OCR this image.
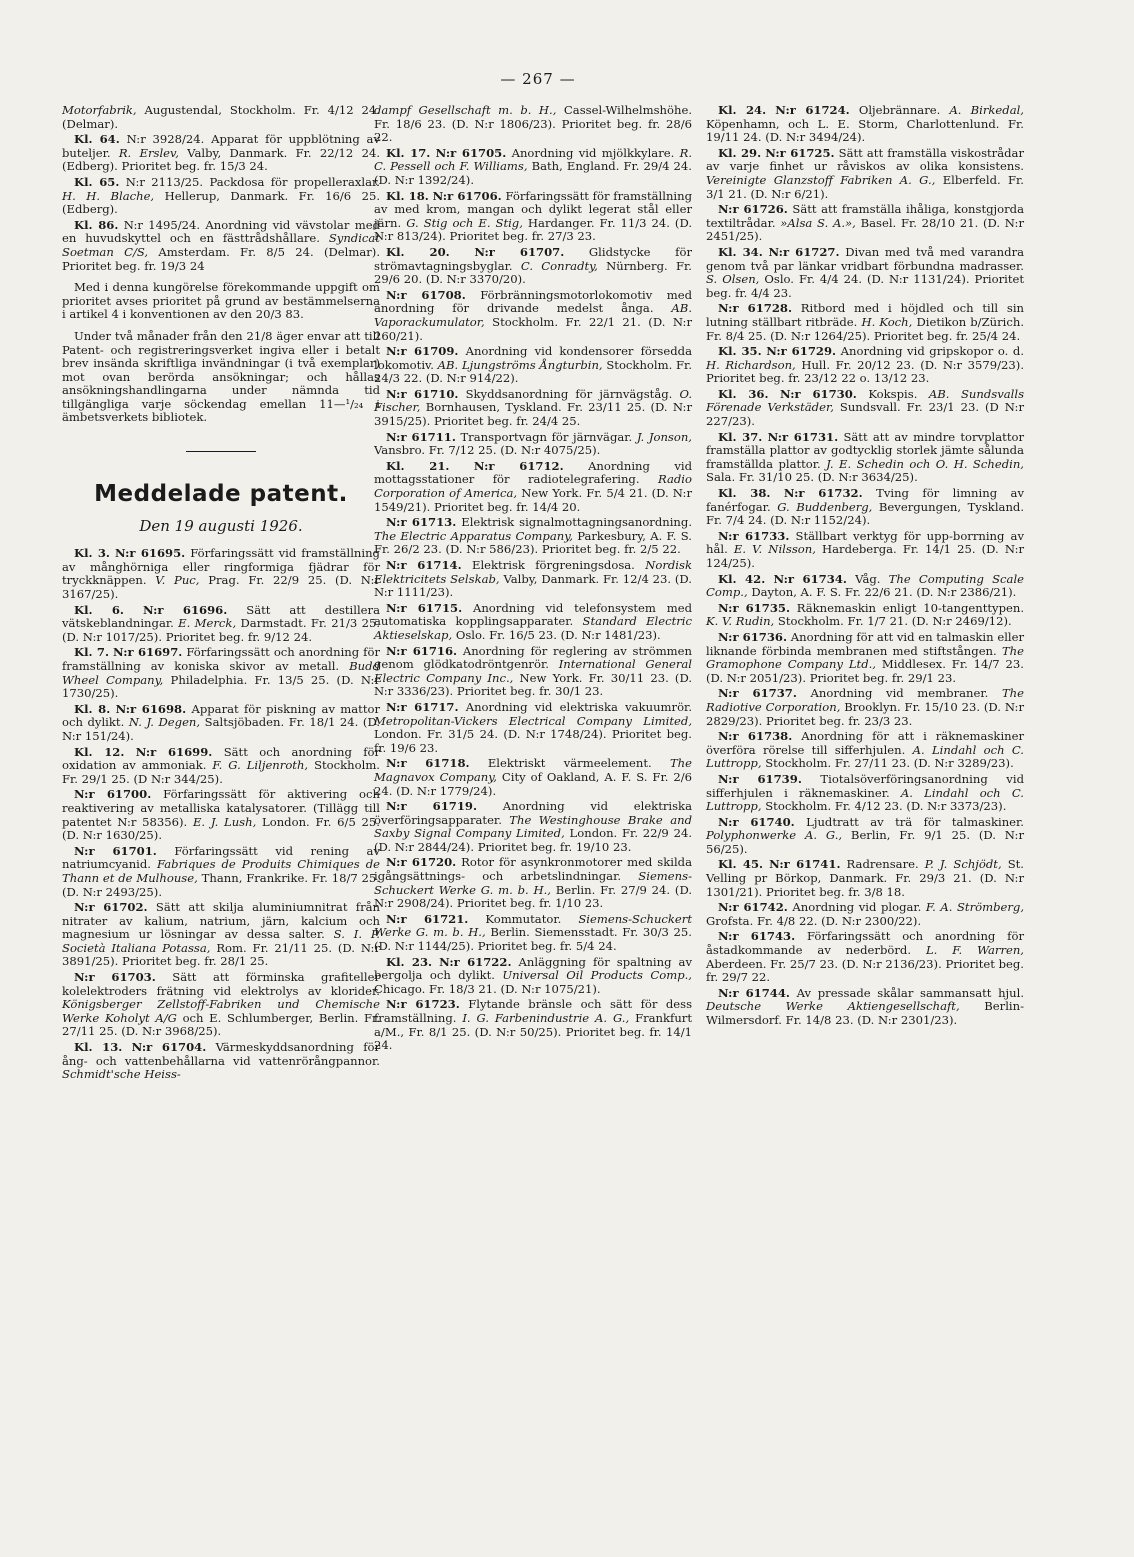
— 267 —

Motorfabrik, Augustendal, Stockholm. Fr. 4/12 24. (Delmar).

Kl. 64. N:r 3928/24. Apparat för uppblötning av buteljer. R. Erslev, Valby, Danmark. Fr. 22/12 24. (Edberg). Prioritet beg. fr. 15/3 24.

Kl. 65. N:r 2113/25. Packdosa för propelleraxlar. H. H. Blache, Hellerup, Danmark. Fr. 16/6 25. (Edberg).

Kl. 86. N:r 1495/24. Anordning vid vävstolar med en huvudskyttel och en fästtrådshållare. Syndicat Soetman C/S, Amsterdam. Fr. 8/5 24. (Delmar). Prioritet beg. fr. 19/3 24

Med i denna kungörelse förekommande uppgift om prioritet avses prioritet på grund av bestämmelserna i artikel 4 i konventionen av den 20/3 83.

Under två månader från den 21/8 äger envar att till Patent- och registreringsverket ingiva eller i betalt brev insända skriftliga invändningar (i två exemplar) mot ovan berörda ansökningar; och hållas ansökningshandlingarna under nämnda tid tillgängliga varje söckendag emellan 11—¹/₂₄ i ämbetsverkets bibliotek.

Meddelade patent.
Den 19 augusti 1926.

Kl. 3. N:r 61695. Förfaringssätt vid framställning av månghörniga eller ringformiga fjädrar för tryckknäppen. V. Puc, Prag. Fr. 22/9 25. (D. N:r 3167/25).

Kl. 6. N:r 61696. Sätt att destillera vätskeblandningar. E. Merck, Darmstadt. Fr. 21/3 25. (D. N:r 1017/25). Prioritet beg. fr. 9/12 24.

Kl. 7. N:r 61697. Förfaringssätt och anordning för framställning av koniska skivor av metall. Budd Wheel Company, Philadelphia. Fr. 13/5 25. (D. N:r 1730/25).

Kl. 8. N:r 61698. Apparat för piskning av mattor och dylikt. N. J. Degen, Saltsjöbaden. Fr. 18/1 24. (D. N:r 151/24).

Kl. 12. N:r 61699. Sätt och anordning för oxidation av ammoniak. F. G. Liljenroth, Stockholm. Fr. 29/1 25. (D N:r 344/25).

N:r 61700. Förfaringssätt för aktivering och reaktivering av metalliska katalysatorer. (Tillägg till patentet N:r 58356). E. J. Lush, London. Fr. 6/5 25. (D. N:r 1630/25).

N:r 61701. Förfaringssätt vid rening av natriumcyanid. Fabriques de Produits Chimiques de Thann et de Mulhouse, Thann, Frankrike. Fr. 18/7 25. (D. N:r 2493/25).

N:r 61702. Sätt att skilja aluminiumnitrat från nitrater av kalium, natrium, järn, kalcium och magnesium ur lösningar av dessa salter. S. I. P. Società Italiana Potassa, Rom. Fr. 21/11 25. (D. N:r 3891/25). Prioritet beg. fr. 28/1 25.

N:r 61703. Sätt att förminska grafiteller kolelektroders frätning vid elektrolys av klorider. Königsberger Zellstoff-Fabriken und Chemische Werke Koholyt A/G och E. Schlumberger, Berlin. Fr. 27/11 25. (D. N:r 3968/25).

Kl. 13. N:r 61704. Värmeskyddsanordning för ång- och vattenbehållarna vid vattenrörångpannor. Schmidt'sche Heiss-

dampf Gesellschaft m. b. H., Cassel-Wilhelmshöhe. Fr. 18/6 23. (D. N:r 1806/23). Prioritet beg. fr. 28/6 22.

Kl. 17. N:r 61705. Anordning vid mjölkkylare. R. C. Pessell och F. Williams, Bath, England. Fr. 29/4 24. (D. N:r 1392/24).

Kl. 18. N:r 61706. Förfaringssätt för framställning av med krom, mangan och dylikt legerat stål eller järn. G. Stig och E. Stig, Hardanger. Fr. 11/3 24. (D. N:r 813/24). Prioritet beg. fr. 27/3 23.

Kl. 20. N:r 61707. Glidstycke för strömavtagningsbyglar. C. Conradty, Nürnberg. Fr. 29/6 20. (D. N:r 3370/20).

N:r 61708. Förbränningsmotorlokomotiv med anordning för drivande medelst ånga. AB. Vaporackumulator, Stockholm. Fr. 22/1 21. (D. N:r 260/21).

N:r 61709. Anordning vid kondensorer försedda lokomotiv. AB. Ljungströms Ångturbin, Stockholm. Fr. 24/3 22. (D. N:r 914/22).

N:r 61710. Skyddsanordning för järnvägståg. O. Fischer, Bornhausen, Tyskland. Fr. 23/11 25. (D. N:r 3915/25). Prioritet beg. fr. 24/4 25.

N:r 61711. Transportvagn för järnvägar. J. Jonson, Vansbro. Fr. 7/12 25. (D. N:r 4075/25).

Kl. 21. N:r 61712. Anordning vid mottagsstationer för radiotelegrafering. Radio Corporation of America, New York. Fr. 5/4 21. (D. N:r 1549/21). Prioritet beg. fr. 14/4 20.

N:r 61713. Elektrisk signalmottagningsanordning. The Electric Apparatus Company, Parkesbury, A. F. S. Fr. 26/2 23. (D. N:r 586/23). Prioritet beg. fr. 2/5 22.

N:r 61714. Elektrisk förgreningsdosa. Nordisk Elektricitets Selskab, Valby, Danmark. Fr. 12/4 23. (D. N:r 1111/23).

N:r 61715. Anordning vid telefonsystem med automatiska kopplingsapparater. Standard Electric Aktieselskap, Oslo. Fr. 16/5 23. (D. N:r 1481/23).

N:r 61716. Anordning för reglering av strömmen genom glödkatodröntgenrör. International General Electric Company Inc., New York. Fr. 30/11 23. (D. N:r 3336/23). Prioritet beg. fr. 30/1 23.

N:r 61717. Anordning vid elektriska vakuumrör. Metropolitan-Vickers Electrical Company Limited, London. Fr. 31/5 24. (D. N:r 1748/24). Prioritet beg. fr. 19/6 23.

N:r 61718. Elektriskt värmeelement. The Magnavox Company, City of Oakland, A. F. S. Fr. 2/6 24. (D. N:r 1779/24).

N:r 61719. Anordning vid elektriska överföringsapparater. The Westinghouse Brake and Saxby Signal Company Limited, London. Fr. 22/9 24. (D. N:r 2844/24). Prioritet beg. fr. 19/10 23.

N:r 61720. Rotor för asynkronmotorer med skilda igångsättnings- och arbetslindningar. Siemens-Schuckert Werke G. m. b. H., Berlin. Fr. 27/9 24. (D. N:r 2908/24). Prioritet beg. fr. 1/10 23.

N:r 61721. Kommutator. Siemens-Schuckert Werke G. m. b. H., Berlin. Siemensstadt. Fr. 30/3 25. (D. N:r 1144/25). Prioritet beg. fr. 5/4 24.

Kl. 23. N:r 61722. Anläggning för spaltning av bergolja och dylikt. Universal Oil Products Comp., Chicago. Fr. 18/3 21. (D. N:r 1075/21).

N:r 61723. Flytande bränsle och sätt för dess framställning. I. G. Farbenindustrie A. G., Frankfurt a/M., Fr. 8/1 25. (D. N:r 50/25). Prioritet beg. fr. 14/1 24.

Kl. 24. N:r 61724. Oljebrännare. A. Birkedal, Köpenhamn, och L. E. Storm, Charlottenlund. Fr. 19/11 24. (D. N:r 3494/24).

Kl. 29. N:r 61725. Sätt att framställa viskostrådar av varje finhet ur råviskos av olika konsistens. Vereinigte Glanzstoff Fabriken A. G., Elberfeld. Fr. 3/1 21. (D. N:r 6/21).

N:r 61726. Sätt att framställa ihåliga, konstgjorda textiltrådar. »Alsa S. A.», Basel. Fr. 28/10 21. (D. N:r 2451/25).

Kl. 34. N:r 61727. Divan med två med varandra genom två par länkar vridbart förbundna madrasser. S. Olsen, Oslo. Fr. 4/4 24. (D. N:r 1131/24). Prioritet beg. fr. 4/4 23.

N:r 61728. Ritbord med i höjdled och till sin lutning ställbart ritbräde. H. Koch, Dietikon b/Zürich. Fr. 8/4 25. (D. N:r 1264/25). Prioritet beg. fr. 25/4 24.

Kl. 35. N:r 61729. Anordning vid gripskopor o. d. H. Richardson, Hull. Fr. 20/12 23. (D. N:r 3579/23). Prioritet beg. fr. 23/12 22 o. 13/12 23.

Kl. 36. N:r 61730. Kokspis. AB. Sundsvalls Förenade Verkstäder, Sundsvall. Fr. 23/1 23. (D N:r 227/23).

Kl. 37. N:r 61731. Sätt att av mindre torvplattor framställa plattor av godtycklig storlek jämte sålunda framställda plattor. J. E. Schedin och O. H. Schedin, Sala. Fr. 31/10 25. (D. N:r 3634/25).

Kl. 38. N:r 61732. Tving för limning av fanérfogar. G. Buddenberg, Bevergungen, Tyskland. Fr. 7/4 24. (D. N:r 1152/24).

N:r 61733. Ställbart verktyg för upp-borrning av hål. E. V. Nilsson, Hardeberga. Fr. 14/1 25. (D. N:r 124/25).

Kl. 42. N:r 61734. Våg. The Computing Scale Comp., Dayton, A. F. S. Fr. 22/6 21. (D. N:r 2386/21).

N:r 61735. Räknemaskin enligt 10-tangenttypen. K. V. Rudin, Stockholm. Fr. 1/7 21. (D. N:r 2469/12).

N:r 61736. Anordning för att vid en talmaskin eller liknande förbinda membranen med stiftstången. The Gramophone Company Ltd., Middlesex. Fr. 14/7 23. (D. N:r 2051/23). Prioritet beg. fr. 29/1 23.

N:r 61737. Anordning vid membraner. The Radiotive Corporation, Brooklyn. Fr. 15/10 23. (D. N:r 2829/23). Prioritet beg. fr. 23/3 23.

N:r 61738. Anordning för att i räknemaskiner överföra rörelse till sifferhjulen. A. Lindahl och C. Luttropp, Stockholm. Fr. 27/11 23. (D. N:r 3289/23).

N:r 61739. Tiotalsöverföringsanordning vid sifferhjulen i räknemaskiner. A. Lindahl och C. Luttropp, Stockholm. Fr. 4/12 23. (D. N:r 3373/23).

N:r 61740. Ljudtratt av trä för talmaskiner. Polyphonwerke A. G., Berlin, Fr. 9/1 25. (D. N:r 56/25).

Kl. 45. N:r 61741. Radrensare. P. J. Schjödt, St. Velling pr Börkop, Danmark. Fr. 29/3 21. (D. N:r 1301/21). Prioritet beg. fr. 3/8 18.

N:r 61742. Anordning vid plogar. F. A. Strömberg, Grofsta. Fr. 4/8 22. (D. N:r 2300/22).

N:r 61743. Förfaringssätt och anordning för åstadkommande av nederbörd. L. F. Warren, Aberdeen. Fr. 25/7 23. (D. N:r 2136/23). Prioritet beg. fr. 29/7 22.

N:r 61744. Av pressade skålar sammansatt hjul. Deutsche Werke Aktiengesellschaft, Berlin-Wilmersdorf. Fr. 14/8 23. (D. N:r 2301/23).
